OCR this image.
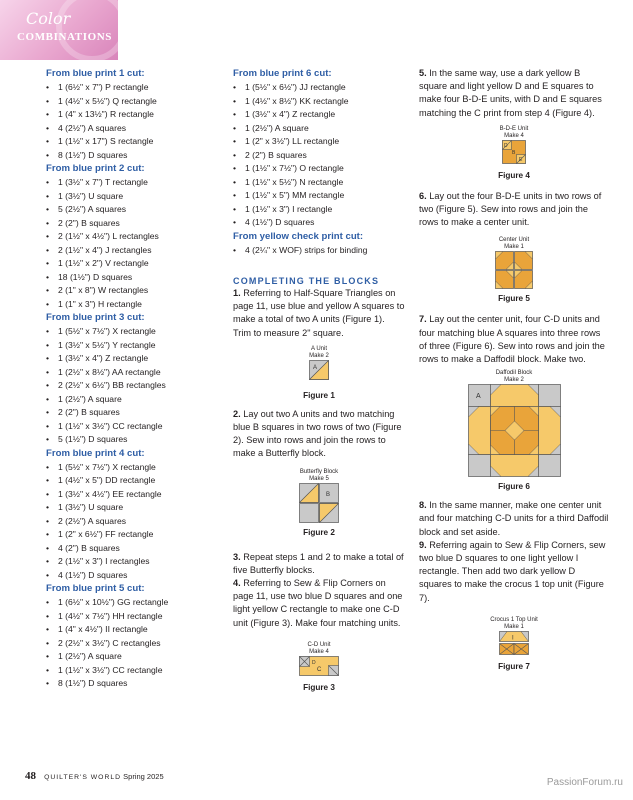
Color
COMBINATIONS
From blue print 1 cut:
• 1 (6½" x 7") P rectangle
• 1 (4½" x 5½") Q rectangle
• 1 (4" x 13½") R rectangle
• 4 (2½") A squares
• 1 (1½" x 17") S rectangle
• 8 (1½") D squares
From blue print 2 cut:
• 1 (3½" x 7") T rectangle
• 1 (3½") U square
• 5 (2½") A squares
• 2 (2") B squares
• 2 (1½" x 4½") L rectangles
• 2 (1½" x 4") J rectangles
• 1 (1½" x 2") V rectangle
• 18 (1½") D squares
• 2 (1" x 8") W rectangles
• 1 (1" x 3") H rectangle
From blue print 3 cut:
• 1 (5½" x 7½") X rectangle
• 1 (3½" x 5½") Y rectangle
• 1 (3½" x 4") Z rectangle
• 1 (2½" x 8½") AA rectangle
• 2 (2½" x 6½") BB rectangles
• 1 (2½") A square
• 2 (2") B squares
• 1 (1½" x 3½") CC rectangle
• 5 (1½") D squares
From blue print 4 cut:
• 1 (5½" x 7½") X rectangle
• 1 (4½" x 5") DD rectangle
• 1 (3½" x 4½") EE rectangle
• 1 (3½") U square
• 2 (2½") A squares
• 1 (2" x 6½") FF rectangle
• 4 (2") B squares
• 2 (1½" x 3") I rectangles
• 4 (1½") D squares
From blue print 5 cut:
• 1 (6½" x 10½") GG rectangle
• 1 (4½" x 7½") HH rectangle
• 1 (4" x 4½") II rectangle
• 2 (2½" x 3½") C rectangles
• 1 (2½") A square
• 1 (1½" x 3½") CC rectangle
• 8 (1½") D squares
From blue print 6 cut:
• 1 (5½" x 6½") JJ rectangle
• 1 (4½" x 8½") KK rectangle
• 1 (3½" x 4") Z rectangle
• 1 (2½") A square
• 1 (2" x 3½") LL rectangle
• 2 (2") B squares
• 1 (1½" x 7½") O rectangle
• 1 (1½" x 5½") N rectangle
• 1 (1½" x 5") MM rectangle
• 1 (1½" x 3") I rectangle
• 4 (1½") D squares
From yellow check print cut:
• 4 (2¼" x WOF) strips for binding
COMPLETING THE BLOCKS

1. Referring to Half-Square Triangles on page 11, use blue and yellow A squares to make a total of two A units (Figure 1). Trim to measure 2" square.

A Unit
Make 2
A
Figure 1

2. Lay out two A units and two matching blue B squares in two rows of two (Figure 2). Sew into rows and join the rows to make a Butterfly block.

Butterfly Block
Make 5
B
Figure 2

3. Repeat steps 1 and 2 to make a total of five Butterfly blocks.

4. Referring to Sew & Flip Corners on page 11, use two blue D squares and one light yellow C rectangle to make one C-D unit (Figure 3). Make four matching units.

C-D Unit
Make 4
D
C
Figure 3

5. In the same way, use a dark yellow B square and light yellow D and E squares to make four B-D-E units, with D and E squares matching the C print from step 4 (Figure 4).

B-D-E Unit
Make 4
D
B
E
Figure 4

6. Lay out the four B-D-E units in two rows of two (Figure 5). Sew into rows and join the rows to make a center unit.

Center Unit
Make 1
Figure 5

7. Lay out the center unit, four C-D units and four matching blue A squares into three rows of three (Figure 6). Sew into rows and join the rows to make a Daffodil block. Make two.

Daffodil Block
Make 2
A
Figure 6

8. In the same manner, make one center unit and four matching C-D units for a third Daffodil block and set aside.

9. Referring again to Sew & Flip Corners, sew two blue D squares to one light yellow I rectangle. Then add two dark yellow D squares to make the crocus 1 top unit (Figure 7).

Crocus 1 Top Unit
Make 1
I
Figure 7
48 QUILTER'S WORLD Spring 2025
PassionForum.ru
